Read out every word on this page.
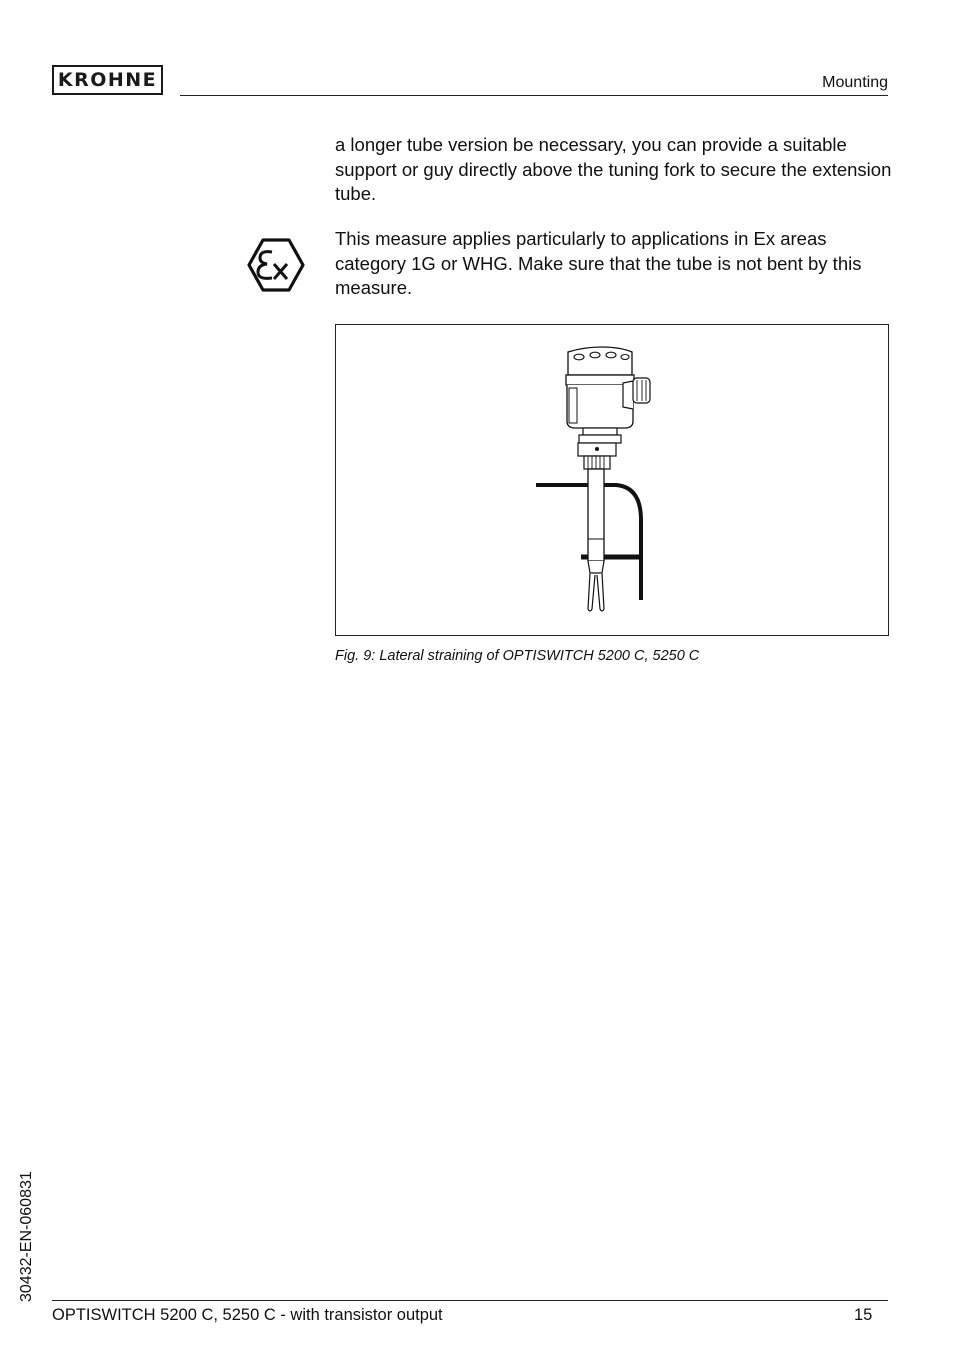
KROHNE	Mounting

a longer tube version be necessary, you can provide a suitable support or guy directly above the tuning fork to secure the extension tube.

This measure applies particularly to applications in Ex areas category 1G or WHG. Make sure that the tube is not bent by this measure.

Fig. 9: Lateral straining of OPTISWITCH 5200 C, 5250 C
30432-EN-060831
OPTISWITCH 5200 C, 5250 C - with transistor output	15
